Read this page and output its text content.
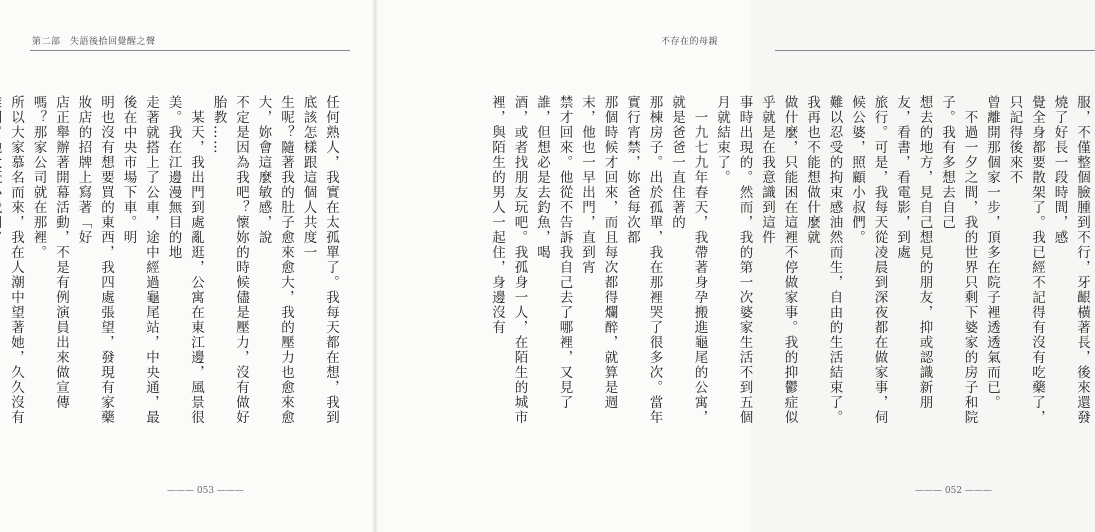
第二部　失語後拾回覺醒之聲

任何熟人，我實在太孤單了。我每天都在想，我到底該怎樣跟這個人共度一

生呢？隨著我的肚子愈來愈大，我的壓力也愈來愈大，妳會這麼敏感，說

不定是因為我吧？懷妳的時候儘是壓力，沒有做好胎教……

　某天，我出門到處亂逛，公寓在東江邊，風景很美。我在江邊漫無目的地

走著就搭上了公車，途中經過龜尾站，中央通，最後在中央市場下車。明

明也沒有想要買的東西，我四處張望，發現有家藥妝店的招牌上寫著「好

店正舉辦著開幕活動，不是有例演員出來做宣傳嗎？那家公司就在那裡。

所以大家慕名而來，我在人潮中望著她，久久沒有

——— 053 ———
不存在的母親

服，不僅整個臉腫到不行，牙齦橫著長，後來還發燒了好長一段時間，感

覺全身都要散架了。我已經不記得有沒有吃藥了，只記得後來不

曾離開那個家一步，頂多在院子裡透透氣而已。

　不過一夕之間，我的世界只剩下婆家的房子和院子。我有多想去自己

想去的地方，見自己想見的朋友，抑或認識新朋友，看書，看電影，到處

旅行。可是，我每天從凌晨到深夜都在做家事，伺候公婆，照顧小叔們。

難以忍受的拘束感油然而生，自由的生活結束了。我再也不能想做什麼就

做什麼，只能困在這裡不停做家事。我的抑鬱症似乎就是在我意識到這件

事時出現的。然而，我的第一次婆家生活不到五個月就結束了。

　一九七九年春天，我帶著身孕搬進龜尾的公寓，就是爸爸一直住著的

那棟房子。出於孤單，我在那裡哭了很多次。當年實行宵禁，妳爸每次都

那個時候才回來，而且每次都得爛醉，就算是週末，他也一早出門，直到宵

禁才回來。他從不告訴我自己去了哪裡，又見了誰，但想必是去釣魚，喝

酒，或者找朋友玩吧。我孤身一人，在陌生的城市裡，與陌生的男人一起住，身邊沒有

——— 052 ———
